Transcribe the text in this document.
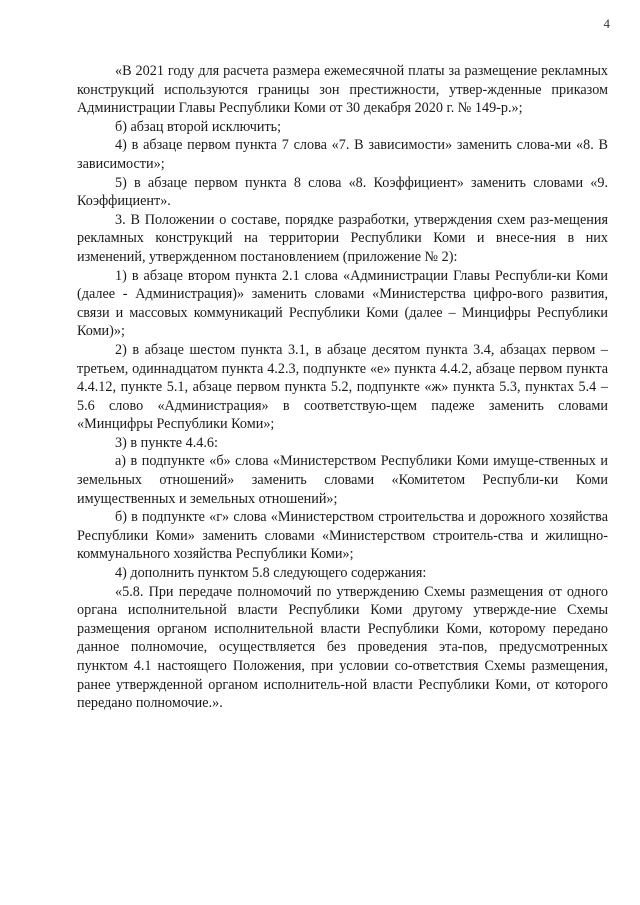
4

«В 2021 году для расчета размера ежемесячной платы за размещение рекламных конструкций используются границы зон престижности, утвер-жденные приказом Администрации Главы Республики Коми от 30 декабря 2020 г. № 149-р.»;

б) абзац второй исключить;

4) в абзаце первом пункта 7 слова «7. В зависимости» заменить слова-ми «8. В зависимости»;

5) в абзаце первом пункта 8 слова «8. Коэффициент» заменить словами «9. Коэффициент».

3. В Положении о составе, порядке разработки, утверждения схем раз-мещения рекламных конструкций на территории Республики Коми и внесе-ния в них изменений, утвержденном постановлением (приложение № 2):

1) в абзаце втором пункта 2.1 слова «Администрации Главы Республи-ки Коми (далее - Администрация)» заменить словами «Министерства цифро-вого развития, связи и массовых коммуникаций Республики Коми (далее – Минцифры Республики Коми)»;

2) в абзаце шестом пункта 3.1, в абзаце десятом пункта 3.4, абзацах первом – третьем, одиннадцатом пункта 4.2.3, подпункте «е» пункта 4.4.2, абзаце первом пункта 4.4.12, пункте 5.1, абзаце первом пункта 5.2, подпункте «ж» пункта 5.3, пунктах 5.4 – 5.6 слово «Администрация» в соответствую-щем падеже заменить словами «Минцифры Республики Коми»;

3) в пункте 4.4.6:

а) в подпункте «б» слова «Министерством Республики Коми имуще-ственных и земельных отношений» заменить словами «Комитетом Республи-ки Коми имущественных и земельных отношений»;

б) в подпункте «г» слова «Министерством строительства и дорожного хозяйства Республики Коми» заменить словами «Министерством строитель-ства и жилищно-коммунального хозяйства Республики Коми»;

4) дополнить пунктом 5.8 следующего содержания:

«5.8. При передаче полномочий по утверждению Схемы размещения от одного органа исполнительной власти Республики Коми другому утвержде-ние Схемы размещения органом исполнительной власти Республики Коми, которому передано данное полномочие, осуществляется без проведения эта-пов, предусмотренных пунктом 4.1 настоящего Положения, при условии со-ответствия Схемы размещения, ранее утвержденной органом исполнитель-ной власти Республики Коми, от которого передано полномочие.».
